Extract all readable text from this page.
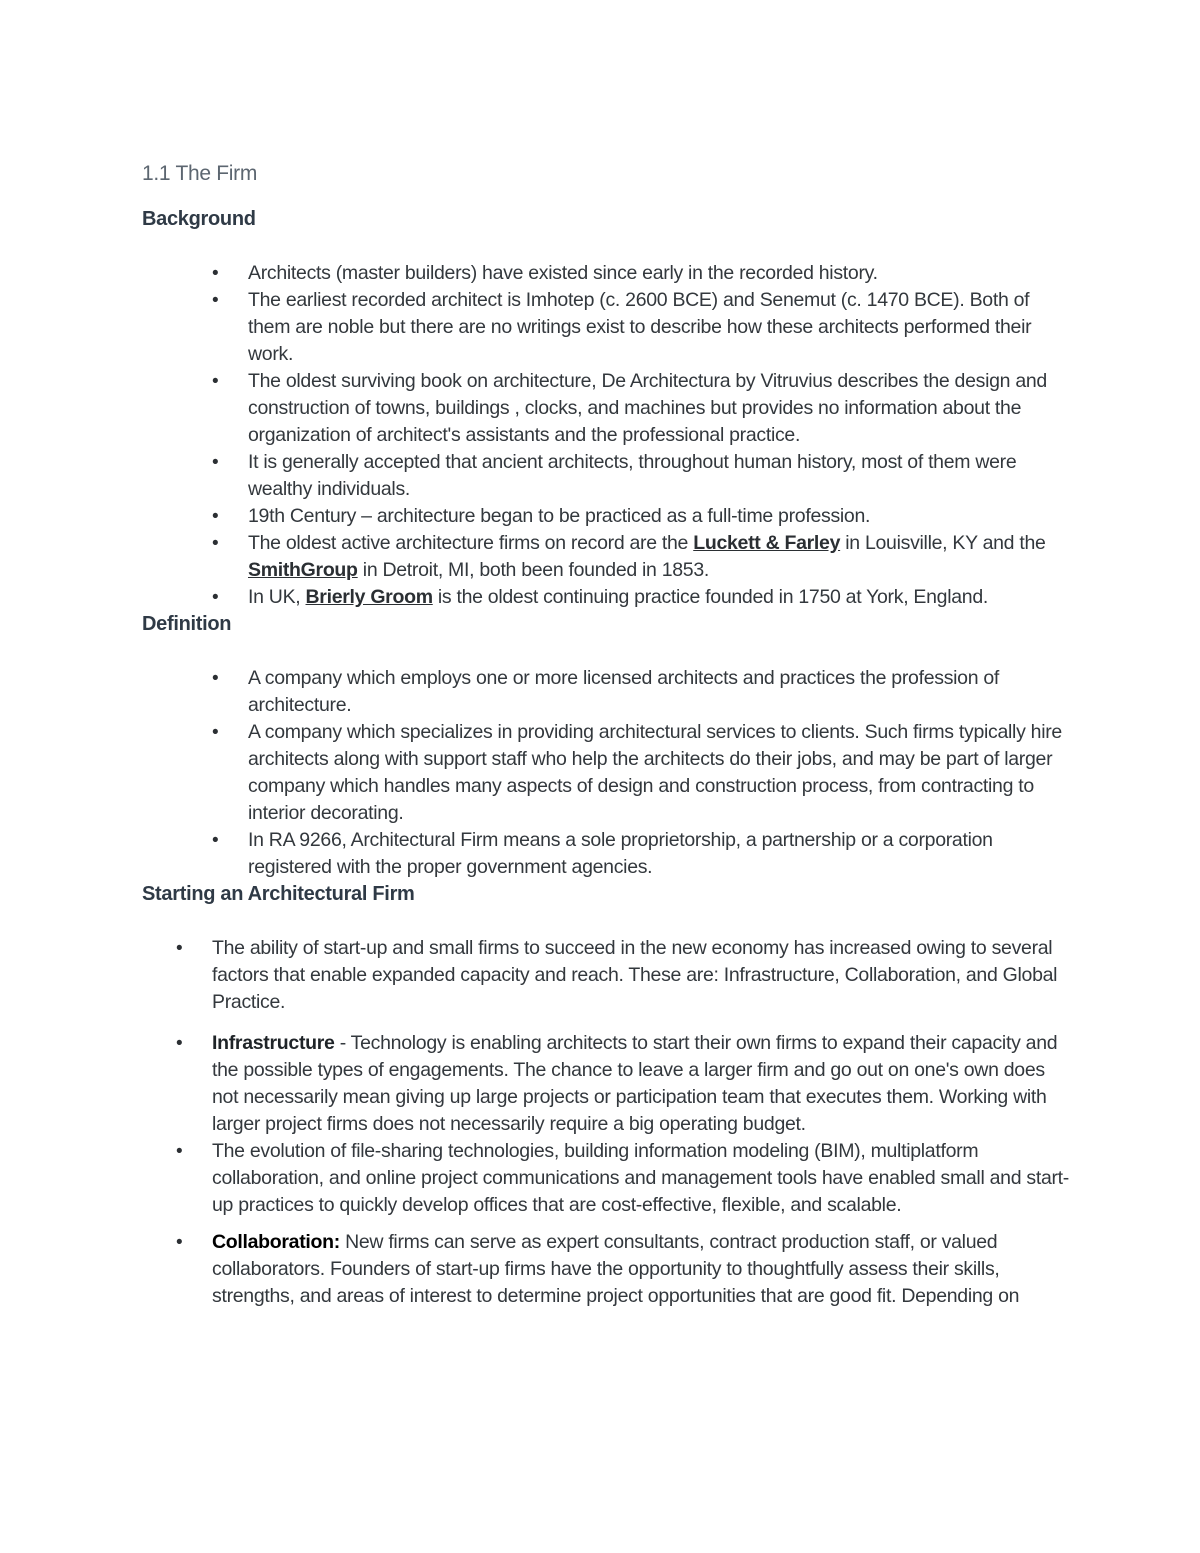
1.1 The Firm
Background
• Architects (master builders) have existed since early in the recorded history.
• The earliest recorded architect is Imhotep (c. 2600 BCE) and Senemut (c. 1470 BCE). Both of them are noble but there are no writings exist to describe how these architects performed their work.
• The oldest surviving book on architecture, De Architectura by Vitruvius describes the design and construction of towns, buildings , clocks, and machines but provides no information about the organization of architect's assistants and the professional practice.
• It is generally accepted that ancient architects, throughout human history, most of them were wealthy individuals.
• 19th Century – architecture began to be practiced as a full-time profession.
• The oldest active architecture firms on record are the Luckett & Farley in Louisville, KY and the SmithGroup in Detroit, MI, both been founded in 1853.
• In UK, Brierly Groom is the oldest continuing practice founded in 1750 at York, England.
Definition
• A company which employs one or more licensed architects and practices the profession of architecture.
• A company which specializes in providing architectural services to clients. Such firms typically hire architects along with support staff who help the architects do their jobs, and may be part of larger company which handles many aspects of design and construction process, from contracting to interior decorating.
• In RA 9266, Architectural Firm means a sole proprietorship, a partnership or a corporation registered with the proper government agencies.
Starting an Architectural Firm
• The ability of start-up and small firms to succeed in the new economy has increased owing to several factors that enable expanded capacity and reach. These are: Infrastructure, Collaboration, and Global Practice.
• Infrastructure - Technology is enabling architects to start their own firms to expand their capacity and the possible types of engagements. The chance to leave a larger firm and go out on one's own does not necessarily mean giving up large projects or participation team that executes them. Working with larger project firms does not necessarily require a big operating budget.
• The evolution of file-sharing technologies, building information modeling (BIM), multiplatform collaboration, and online project communications and management tools have enabled small and start-up practices to quickly develop offices that are cost-effective, flexible, and scalable.
• Collaboration: New firms can serve as expert consultants, contract production staff, or valued collaborators. Founders of start-up firms have the opportunity to thoughtfully assess their skills, strengths, and areas of interest to determine project opportunities that are good fit. Depending on
